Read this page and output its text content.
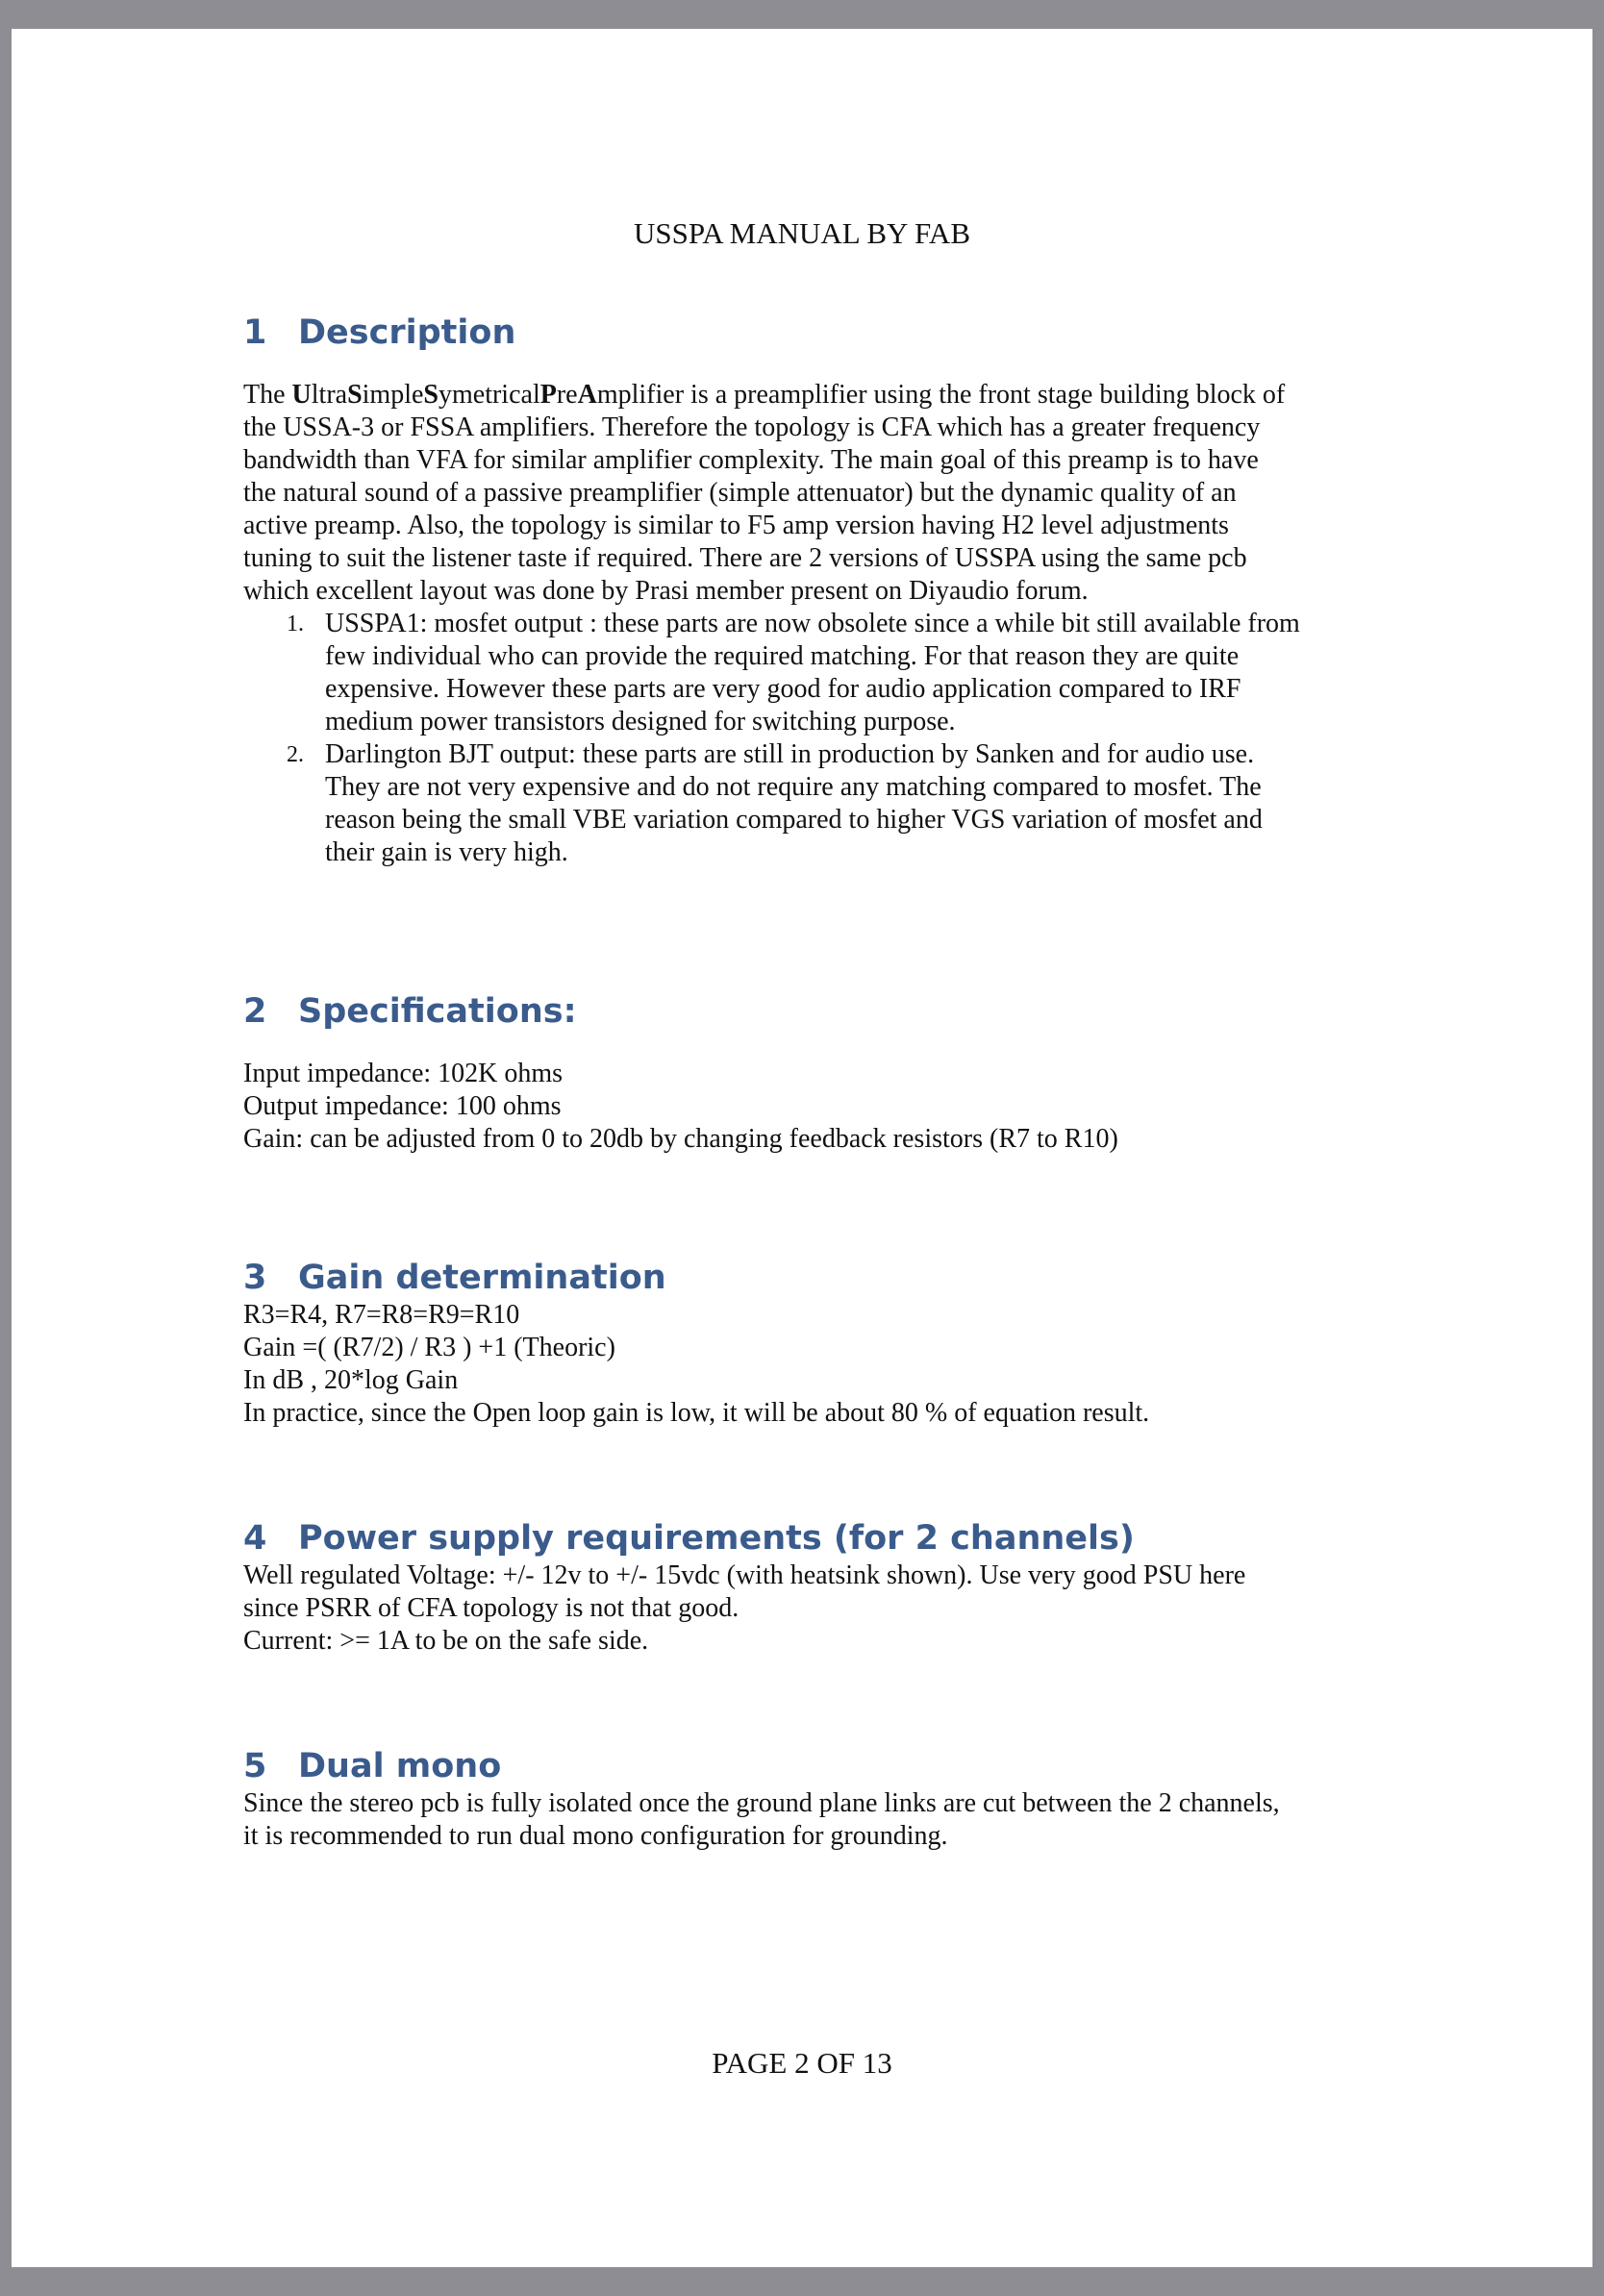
USSPA MANUAL BY FAB
1 Description
The UltraSimpleSymetricalPreAmplifier is a preamplifier using the front stage building block of
the USSA-3 or FSSA amplifiers. Therefore the topology is CFA which has a greater frequency
bandwidth than VFA for similar amplifier complexity. The main goal of this preamp is to have
the natural sound of a passive preamplifier (simple attenuator) but the dynamic quality of an
active preamp. Also, the topology is similar to F5 amp version having H2 level adjustments
tuning to suit the listener taste if required. There are 2 versions of USSPA using the same pcb
which excellent layout was done by Prasi member present on Diyaudio forum.
1. USSPA1: mosfet output : these parts are now obsolete since a while bit still available from
few individual who can provide the required matching. For that reason they are quite
expensive. However these parts are very good for audio application compared to IRF
medium power transistors designed for switching purpose.
2. Darlington BJT output: these parts are still in production by Sanken and for audio use.
They are not very expensive and do not require any matching compared to mosfet. The
reason being the small VBE variation compared to higher VGS variation of mosfet and
their gain is very high.
2 Specifications:
Input impedance: 102K ohms
Output impedance: 100 ohms
Gain: can be adjusted from 0 to 20db by changing feedback resistors (R7 to R10)
3 Gain determination
R3=R4, R7=R8=R9=R10
Gain =( (R7/2) / R3 ) +1 (Theoric)
In dB , 20*log Gain
In practice, since the Open loop gain is low, it will be about 80 % of equation result.
4 Power supply requirements (for 2 channels)
Well regulated Voltage: +/- 12v to +/- 15vdc (with heatsink shown). Use very good PSU here
since PSRR of CFA topology is not that good.
Current: >= 1A to be on the safe side.
5 Dual mono
Since the stereo pcb is fully isolated once the ground plane links are cut between the 2 channels,
it is recommended to run dual mono configuration for grounding.
PAGE 2 OF 13
